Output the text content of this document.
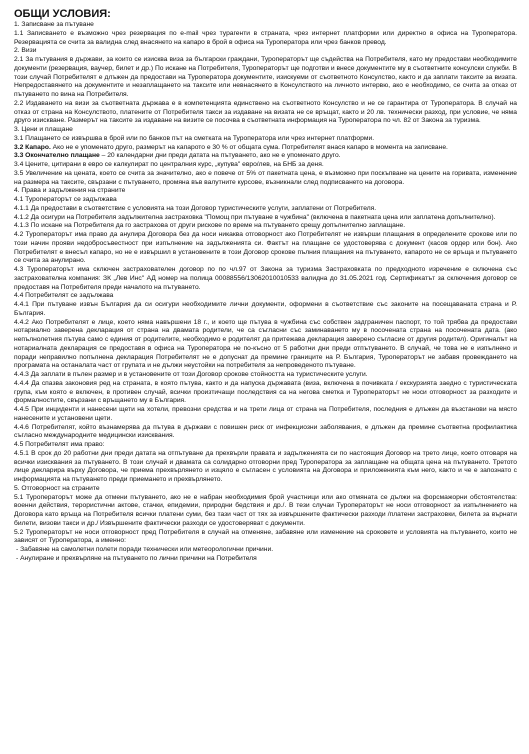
ОБЩИ УСЛОВИЯ:

1. Записване за пътуване

1.1 Записването е възможно чрез резервация по e-mail чрез турагенти в страната, чрез интернет платформи или директно в офиса на Туроператора. Резервацията се счита за валидна след внасянето на капаро в брой в офиса на Туроператора или чрез банков превод.

2. Визи

2.1 За пътувания в държави, за които се изисква виза за български граждани, Туроператорът ще съдейства на Потребителя, като му предостави необходимите документи (резервация, ваучер, билет и др.) По искане на Потребителя, Туроператорът ще подготви и внесе документите му в съответните консулски служби. В този случай Потребителят е длъжен да предостави на Туроператора документите, изискуеми от съответното Консулство, както и да заплати таксите за визата. Непредоставянето на документите и незаплащането на таксите или невнасянето в Консулството на личното интервю, ако е необходимо, се счита за отказ от пътуването по вина на Потребителя.

2.2 Издаването на визи за съответната държава е в компетенцията единствено на съответното Консулство и не се гарантира от Туроператора. В случай на отказ от страна на Консулството, платените от Потребителя такси за издаване на визата не се връщат, както и 20 лв. технически разход, при условие, че няма друго изискване. Размерът на таксите за издаване на визите се посочва в съответната информация на Туроператора по чл. 82 от Закона за туризма.

3. Цени и плащане

3.1 Плащането се извършва в брой или по банков път на сметката на Туроператора или чрез интернет платформи.

3.2 Капаро. Ако не е упоменато друго, размерът на капарото е 30 % от общата сума. Потребителят внася капаро в момента на записване.

3.3 Окончателно плащане – 20 календарни дни преди датата на пътуването, ако не е упоменато друго.

3.4 Цените, цитирани в евро се калкулират по централния курс, „купува" евро/лев, на БНБ за деня.

3.5 Увеличение на цената, което се счита за значително, ако е повече от 5% от пакетната цена, е възможно при поскъпване на цените на горивата, изменение на размера на таксите, свързани с пътуването, промяна във валутните курсове, възникнали след подписването на договора.

4. Права и задължения на страните

4.1 Туроператорът се задължава

4.1.1 Да предостави в съответствие с условията на този Договор туристическите услуги, заплатени от Потребителя.

4.1.2 Да осигури на Потребителя задължителна застраховка "Помощ при пътуване в чужбина" (включена в пакетната цена или заплатена допълнително).

4.1.3 По искане на Потребителя да го застрахова от други рискове по време на пътуването срещу допълнително заплащане.

4.2 Туроператорът има право да анулира Договора без да носи никаква отговорност ако Потребителят не извърши плащания в определените срокове или по този начин прояви недобросъвестност при изпълнение на задълженията си. Фактът на плащане се удостоверява с документ (касов ордер или бон). Ако Потребителят е внесъл капаро, но не е извършил в установените в този Договор срокове пълния плащания на пътуването, капарото не се връща и пътуването се счита за анулирано.

4.3 Туроператорът има сключен застрахователен договор по по чл.97 от Закона за туризма Застраховката по предходното изречение е сключена със застрахователна компания: ЗК „Лев Инс" АД номер на полица 00088556/13062010010533 валидна до 31.05.2021 год. Сертификатът за сключения договор се предоставя на Потребителя преди началото на пътуването.

4.4 Потребителят се задължава

4.4.1 При пътуване извън България да си осигури необходимите лични документи, оформени в съответствие със законите на посещаваната страна и Р. България.

4.4.2 Ако Потребителят е лице, което няма навършени 18 г., и което ще пътува в чужбина със собствен задграничен паспорт, то той трябва да предостави нотариално заверена декларация от страна на двамата родители, че са съгласни със заминаването му в посочената страна на посочената дата. (ако непълнолетния пътува само с единия от родителите, необходимо е родителят да притежава декларация заверено съгласие от другия родител). Оригиналът на нотариалната декларация се предоставя в офиса на Туроператора не по-късно от 5 работни дни преди отпътуването. В случай, че това не е изпълнено и поради неправилно попълнена декларация Потребителят не е допуснат да премине границите на Р. България, Туроператорът не забавя провеждането на програмата на останалата част от групата и не дължи неустойки на потребителя за непроведеното пътуване.

4.4.3 Да заплати в пълен размер и в установените от този Договор срокове стойността на туристическите услуги.

4.4.4 Да спазва законовия ред на страната, в която пътува, както и да напуска държавата (виза, включена в почивката / екскурзията заедно с туристическата група, към която е включен, в противен случай, всички произтичащи последствия са на негова сметка и Туроператорът не носи отговорност за разходите и формалностите, свързани с връщането му в България.

4.4.5 При инциденти и нанесени щети на хотели, превозни средства и на трети лица от страна на Потребителя, последния е длъжен да възстанови на място нанесените и установени щети.

4.4.6 Потребителят, който възнамерява да пътува в държави с повишен риск от инфекциозни заболявания, е длъжен да премине съответна профилактика съгласно международните медицински изисквания.

4.5 Потребителят има право:

4.5.1 В срок до 20 работни дни преди датата на отпътуване да прехвърли правата и задълженията си по настоящия Договор на трето лице, което отговаря на всички изисквания за пътуването. В този случай и двамата са солидарно отговорни пред Туроператора за заплащане на общата цена на пътуването. Третото лице декларира върху Договора, че приема прехвърлянето и изцяло е съгласен с условията на Договора и приложенията към него, както и че е запознато с информацията на пътуването преди приемането и прехвърлянето.

5. Отговорност на страните

5.1 Туроператорът може да отмени пътуването, ако не е набран необходимия брой участници или ако отмяната се дължи на форсмажорни обстоятелства: военни действия, терористични актове, стачки, епидемии, природни бедствия и др./. В тези случаи Туроператорът не носи отговорност за изпълнението на Договора като връща на Потребителя всички платени суми, без тази част от тях за извършените фактически разходи /платени застраховки, билета за върнати билети, визови такси и др./ Извършените фактически разходи се удостоверяват с документи.

5.2 Туроператорът не носи отговорност пред Потребителя в случай на отменяне, забавяне или изменение на сроковете и условията на пътуването, които не зависят от Туроператора, а именно:

- Забавяне на самолетни полети поради технически или метеорологични причини.

- Анулиране и прехвърляне на пътуването по лични причини на Потребителя
